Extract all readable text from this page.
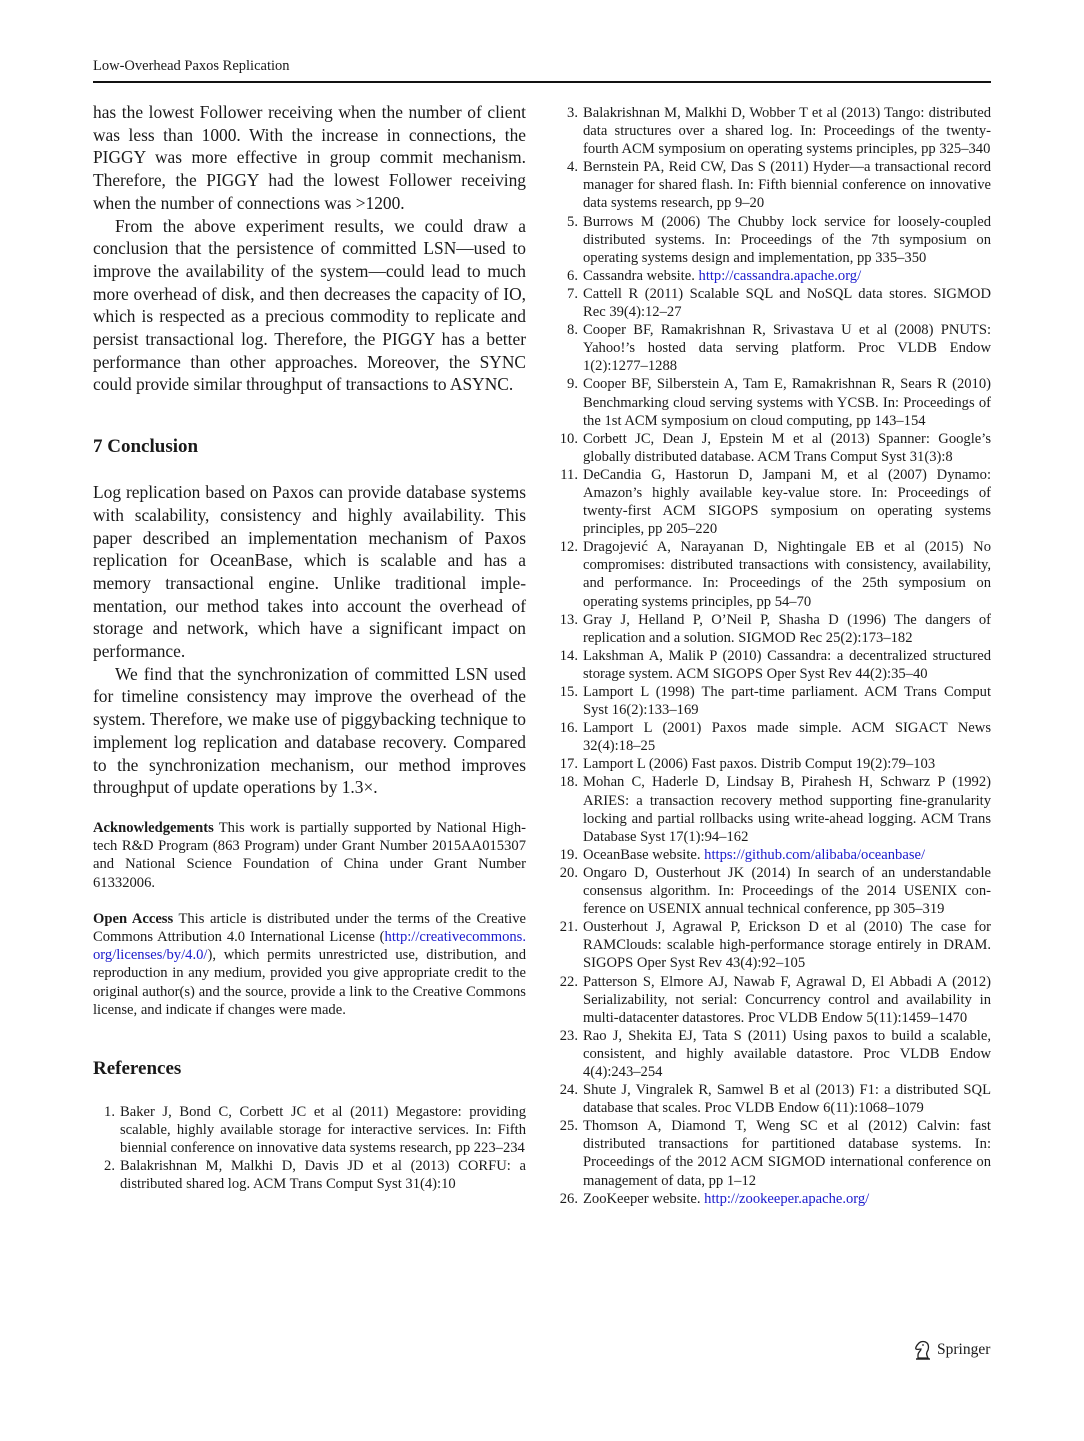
Low-Overhead Paxos Replication

has the lowest Follower receiving when the number of client was less than 1000. With the increase in connections, the PIGGY was more effective in group commit mechanism. Therefore, the PIGGY had the lowest Follower receiving when the number of connections was >1200.

From the above experiment results, we could draw a conclusion that the persistence of committed LSN—used to improve the availability of the system—could lead to much more overhead of disk, and then decreases the capacity of IO, which is respected as a precious commodity to replicate and persist transactional log. Therefore, the PIGGY has a better performance than other approaches. Moreover, the SYNC could provide similar throughput of transactions to ASYNC.

7 Conclusion

Log replication based on Paxos can provide database systems with scalability, consistency and highly availability. This paper described an implementation mechanism of Paxos replication for OceanBase, which is scalable and has a memory transactional engine. Unlike traditional implementation, our method takes into account the overhead of storage and network, which have a significant impact on performance.

We find that the synchronization of committed LSN used for timeline consistency may improve the overhead of the system. Therefore, we make use of piggybacking technique to implement log replication and database recovery. Compared to the synchronization mechanism, our method improves throughput of update operations by 1.3×.

Acknowledgements This work is partially supported by National High-tech R&D Program (863 Program) under Grant Number 2015AA015307 and National Science Foundation of China under Grant Number 61332006.

Open Access This article is distributed under the terms of the Creative Commons Attribution 4.0 International License (http://creativecommons.org/licenses/by/4.0/), which permits unrestricted use, distribution, and reproduction in any medium, provided you give appropriate credit to the original author(s) and the source, provide a link to the Creative Commons license, and indicate if changes were made.

References
1. Baker J, Bond C, Corbett JC et al (2011) Megastore: providing scalable, highly available storage for interactive services. In: Fifth biennial conference on innovative data systems research, pp 223–234
2. Balakrishnan M, Malkhi D, Davis JD et al (2013) CORFU: a distributed shared log. ACM Trans Comput Syst 31(4):10
3. Balakrishnan M, Malkhi D, Wobber T et al (2013) Tango: distributed data structures over a shared log. In: Proceedings of the twenty-fourth ACM symposium on operating systems principles, pp 325–340
4. Bernstein PA, Reid CW, Das S (2011) Hyder—a transactional record manager for shared flash. In: Fifth biennial conference on innovative data systems research, pp 9–20
5. Burrows M (2006) The Chubby lock service for loosely-coupled distributed systems. In: Proceedings of the 7th symposium on operating systems design and implementation, pp 335–350
6. Cassandra website. http://cassandra.apache.org/
7. Cattell R (2011) Scalable SQL and NoSQL data stores. SIGMOD Rec 39(4):12–27
8. Cooper BF, Ramakrishnan R, Srivastava U et al (2008) PNUTS: Yahoo!’s hosted data serving platform. Proc VLDB Endow 1(2):1277–1288
9. Cooper BF, Silberstein A, Tam E, Ramakrishnan R, Sears R (2010) Benchmarking cloud serving systems with YCSB. In: Proceedings of the 1st ACM symposium on cloud computing, pp 143–154
10. Corbett JC, Dean J, Epstein M et al (2013) Spanner: Google’s globally distributed database. ACM Trans Comput Syst 31(3):8
11. DeCandia G, Hastorun D, Jampani M, et al (2007) Dynamo: Amazon’s highly available key-value store. In: Proceedings of twenty-first ACM SIGOPS symposium on operating systems principles, pp 205–220
12. Dragojević A, Narayanan D, Nightingale EB et al (2015) No compromises: distributed transactions with consistency, availability, and performance. In: Proceedings of the 25th symposium on operating systems principles, pp 54–70
13. Gray J, Helland P, O’Neil P, Shasha D (1996) The dangers of replication and a solution. SIGMOD Rec 25(2):173–182
14. Lakshman A, Malik P (2010) Cassandra: a decentralized structured storage system. ACM SIGOPS Oper Syst Rev 44(2):35–40
15. Lamport L (1998) The part-time parliament. ACM Trans Comput Syst 16(2):133–169
16. Lamport L (2001) Paxos made simple. ACM SIGACT News 32(4):18–25
17. Lamport L (2006) Fast paxos. Distrib Comput 19(2):79–103
18. Mohan C, Haderle D, Lindsay B, Pirahesh H, Schwarz P (1992) ARIES: a transaction recovery method supporting fine-granularity locking and partial rollbacks using write-ahead logging. ACM Trans Database Syst 17(1):94–162
19. OceanBase website. https://github.com/alibaba/oceanbase/
20. Ongaro D, Ousterhout JK (2014) In search of an understandable consensus algorithm. In: Proceedings of the 2014 USENIX conference on USENIX annual technical conference, pp 305–319
21. Ousterhout J, Agrawal P, Erickson D et al (2010) The case for RAMClouds: scalable high-performance storage entirely in DRAM. SIGOPS Oper Syst Rev 43(4):92–105
22. Patterson S, Elmore AJ, Nawab F, Agrawal D, El Abbadi A (2012) Serializability, not serial: Concurrency control and availability in multi-datacenter datastores. Proc VLDB Endow 5(11):1459–1470
23. Rao J, Shekita EJ, Tata S (2011) Using paxos to build a scalable, consistent, and highly available datastore. Proc VLDB Endow 4(4):243–254
24. Shute J, Vingralek R, Samwel B et al (2013) F1: a distributed SQL database that scales. Proc VLDB Endow 6(11):1068–1079
25. Thomson A, Diamond T, Weng SC et al (2012) Calvin: fast distributed transactions for partitioned database systems. In: Proceedings of the 2012 ACM SIGMOD international conference on management of data, pp 1–12
26. ZooKeeper website. http://zookeeper.apache.org/
Springer
